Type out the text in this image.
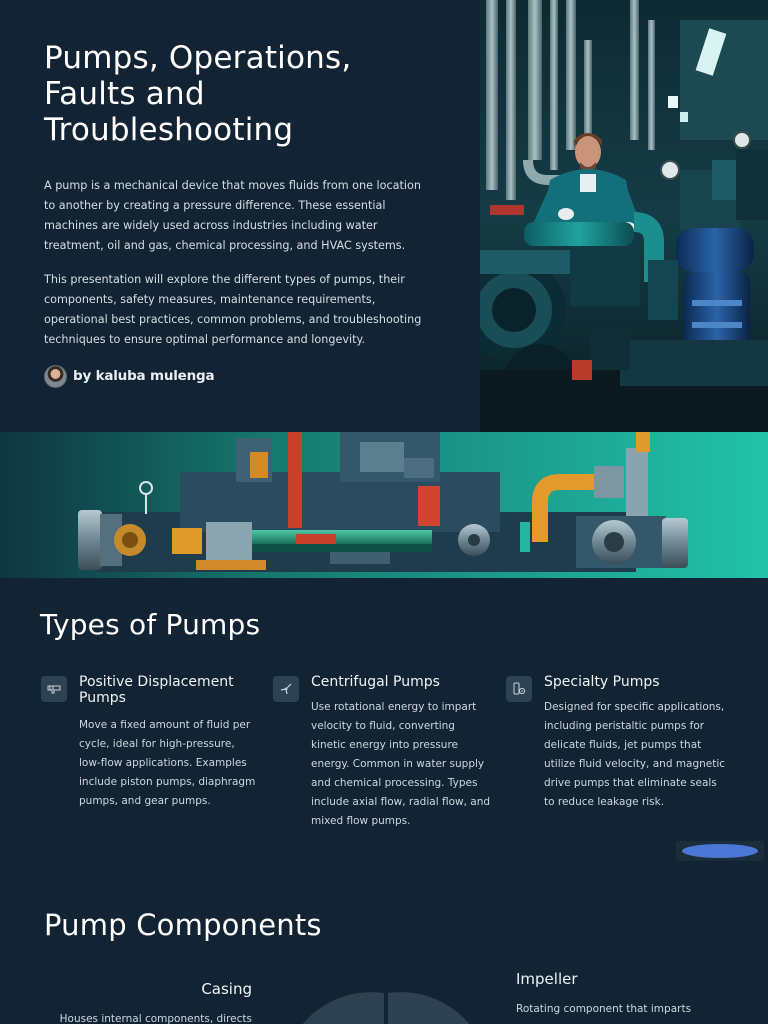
Pumps, Operations, Faults and Troubleshooting

A pump is a mechanical device that moves fluids from one location to another by creating a pressure difference. These essential machines are widely used across industries including water treatment, oil and gas, chemical processing, and HVAC systems.

This presentation will explore the different types of pumps, their components, safety measures, maintenance requirements, operational best practices, common problems, and troubleshooting techniques to ensure optimal performance and longevity.

by kaluba mulenga
Types of Pumps
Positive Displacement Pumps

Move a fixed amount of fluid per cycle, ideal for high-pressure, low-flow applications. Examples include piston pumps, diaphragm pumps, and gear pumps.

Centrifugal Pumps

Use rotational energy to impart velocity to fluid, converting kinetic energy into pressure energy. Common in water supply and chemical processing. Types include axial flow, radial flow, and mixed flow pumps.

Specialty Pumps

Designed for specific applications, including peristaltic pumps for delicate fluids, jet pumps that utilize fluid velocity, and magnetic drive pumps that eliminate seals to reduce leakage risk.

Pump Components
Casing

Houses internal components, directs

Impeller

Rotating component that imparts
